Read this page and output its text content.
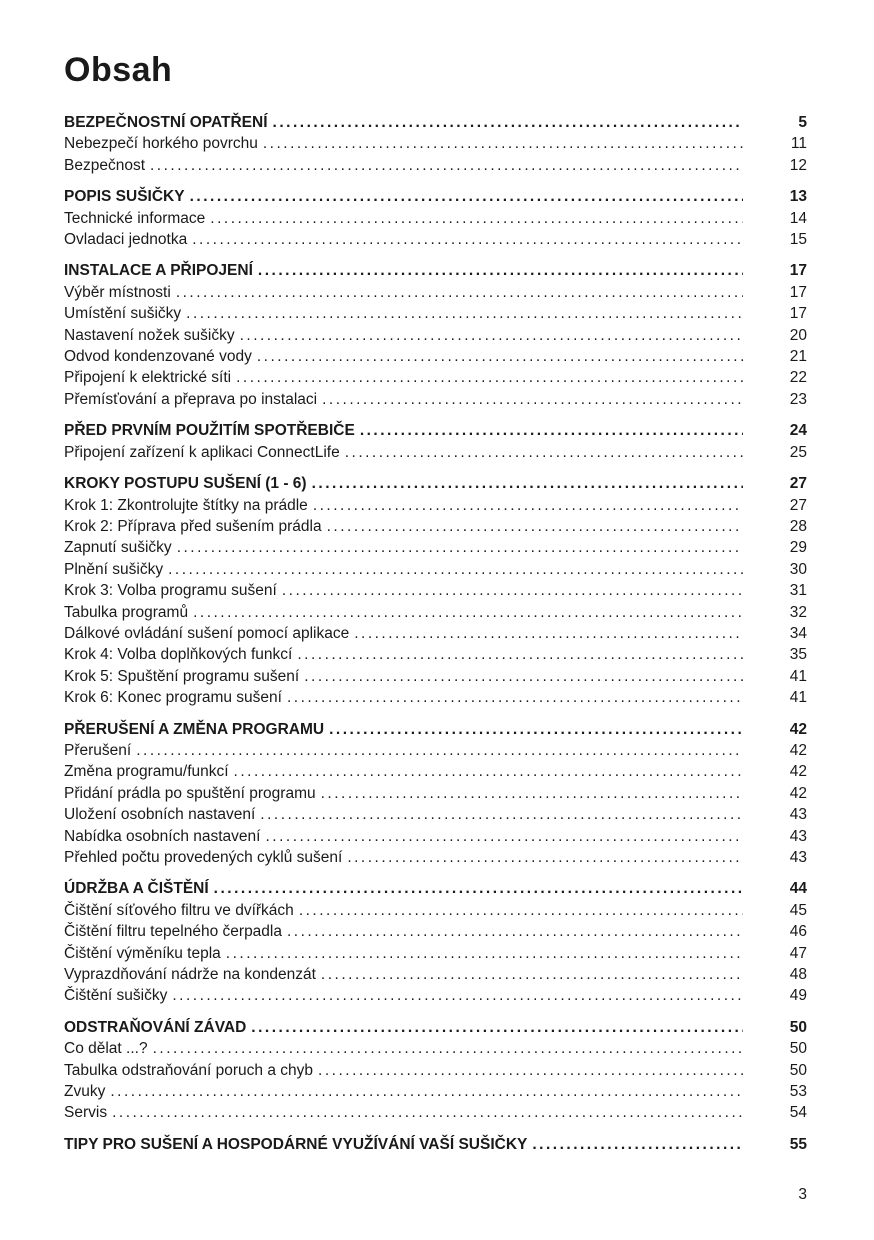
Obsah
BEZPEČNOSTNÍ OPATŘENÍ .....	5
Nebezpečí horkého povrchu .....	11
Bezpečnost .....	12
POPIS SUŠIČKY .....	13
Technické informace .....	14
Ovladaci jednotka .....	15
INSTALACE A PŘIPOJENÍ .....	17
Výběr místnosti .....	17
Umístění sušičky .....	17
Nastavení nožek sušičky .....	20
Odvod kondenzované vody .....	21
Připojení k elektrické síti .....	22
Přemísťování a přeprava po instalaci .....	23
PŘED PRVNÍM POUŽITÍM SPOTŘEBIČE .....	24
Připojení zařízení k aplikaci ConnectLife .....	25
KROKY POSTUPU SUŠENÍ (1 - 6) .....	27
Krok 1: Zkontrolujte štítky na prádle .....	27
Krok 2: Příprava před sušením prádla .....	28
Zapnutí sušičky .....	29
Plnění sušičky .....	30
Krok 3: Volba programu sušení .....	31
Tabulka programů .....	32
Dálkové ovládání sušení pomocí aplikace .....	34
Krok 4: Volba doplňkových funkcí .....	35
Krok 5: Spuštění programu sušení .....	41
Krok 6: Konec programu sušení .....	41
PŘERUŠENÍ A ZMĚNA PROGRAMU .....	42
Přerušení .....	42
Změna programu/funkcí .....	42
Přidání prádla po spuštění programu .....	42
Uložení osobních nastavení .....	43
Nabídka osobních nastavení .....	43
Přehled počtu provedených cyklů sušení .....	43
ÚDRŽBA A ČIŠTĚNÍ .....	44
Čištění síťového filtru ve dvířkách .....	45
Čištění filtru tepelného čerpadla .....	46
Čištění výměníku tepla .....	47
Vyprazdňování nádrže na kondenzát .....	48
Čištění sušičky .....	49
ODSTRAŇOVÁNÍ ZÁVAD .....	50
Co dělat ...? .....	50
Tabulka odstraňování poruch a chyb .....	50
Zvuky .....	53
Servis .....	54
TIPY PRO SUŠENÍ A HOSPODÁRNÉ VYUŽÍVÁNÍ VAŠÍ SUŠIČKY .....	55
3
